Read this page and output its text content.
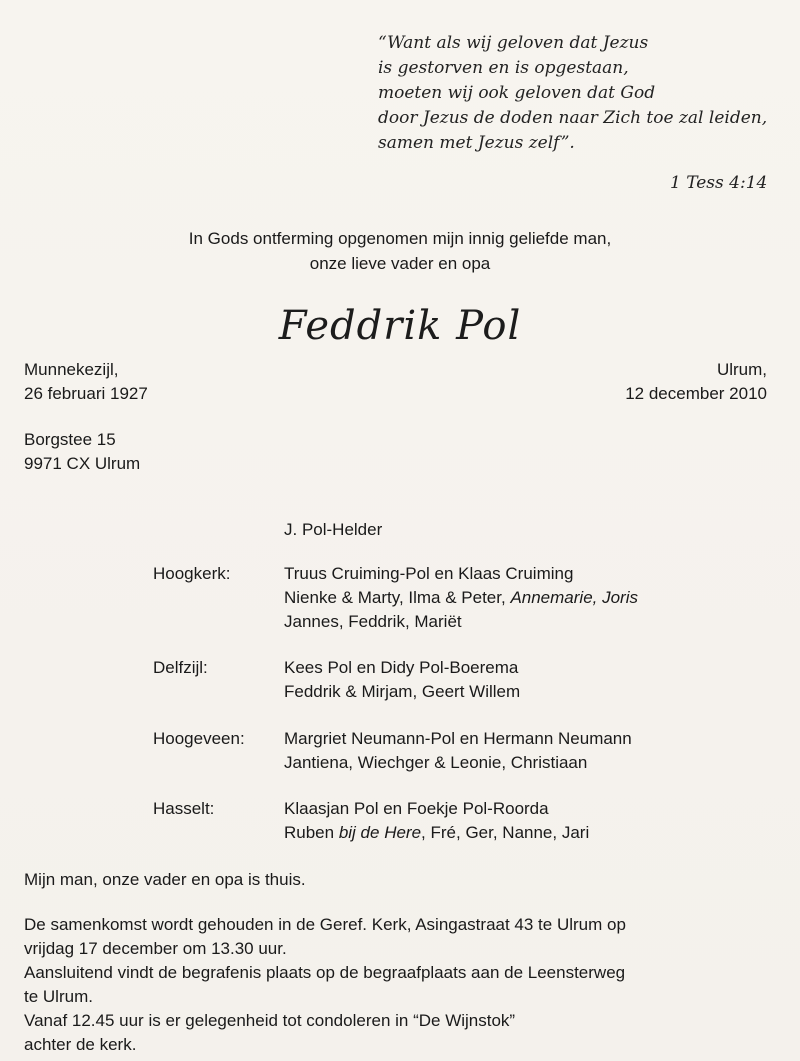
“Want als wij geloven dat Jezus
is gestorven en is opgestaan,
moeten wij ook geloven dat God
door Jezus de doden naar Zich toe zal leiden,
samen met Jezus zelf”.
1 Tess 4:14
In Gods ontferming opgenomen mijn innig geliefde man,
onze lieve vader en opa
Feddrik Pol
Munnekezijl,
26 februari 1927
Ulrum,
12 december 2010
Borgstee 15
9971 CX Ulrum
J. Pol-Helder
Hoogkerk:	Truus Cruiming-Pol en Klaas Cruiming
Nienke & Marty, Ilma & Peter, Annemarie, Joris
Jannes, Feddrik, Mariët
Delfzijl:	Kees Pol en Didy Pol-Boerema
Feddrik & Mirjam, Geert Willem
Hoogeveen: Margriet Neumann-Pol en Hermann Neumann
Jantiena, Wiechger & Leonie, Christiaan
Hasselt:	Klaasjan Pol en Foekje Pol-Roorda
Ruben bij de Here, Fré, Ger, Nanne, Jari
Mijn man, onze vader en opa is thuis.
De samenkomst wordt gehouden in de Geref. Kerk, Asingastraat 43 te Ulrum op
vrijdag 17 december om 13.30 uur.
Aansluitend vindt de begrafenis plaats op de begraafplaats aan de Leensterweg
te Ulrum.
Vanaf 12.45 uur is er gelegenheid tot condoleren in “De Wijnstok”
achter de kerk.
